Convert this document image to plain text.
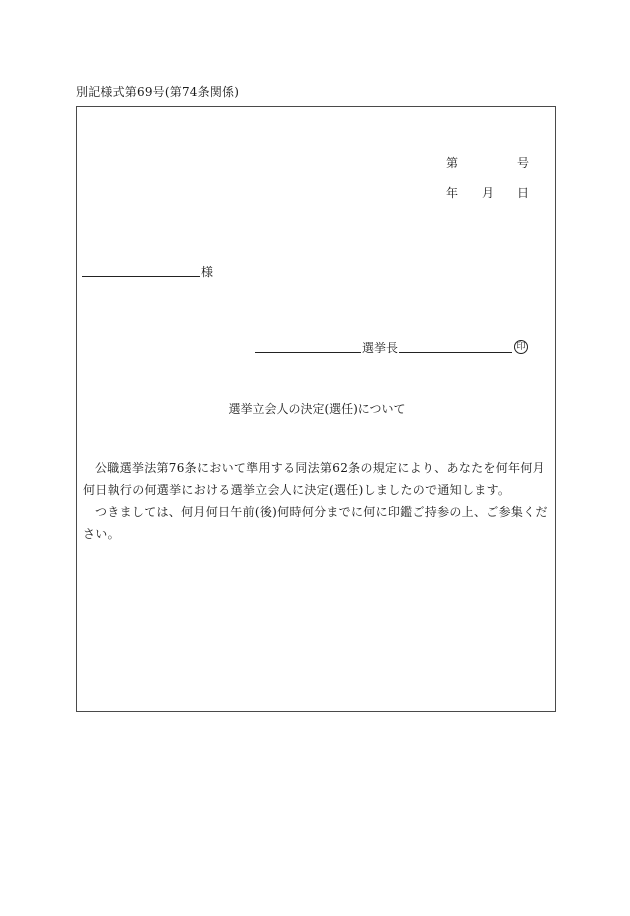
別記様式第69号(第74条関係)
第	号
年 月 日
様
選挙長	印
選挙立会人の決定(選任)について

公職選挙法第76条において準用する同法第62条の規定により、あなたを何年何月何日執行の何選挙における選挙立会人に決定(選任)しましたので通知します。

つきましては、何月何日午前(後)何時何分までに何に印鑑ご持参の上、ご参集ください。
